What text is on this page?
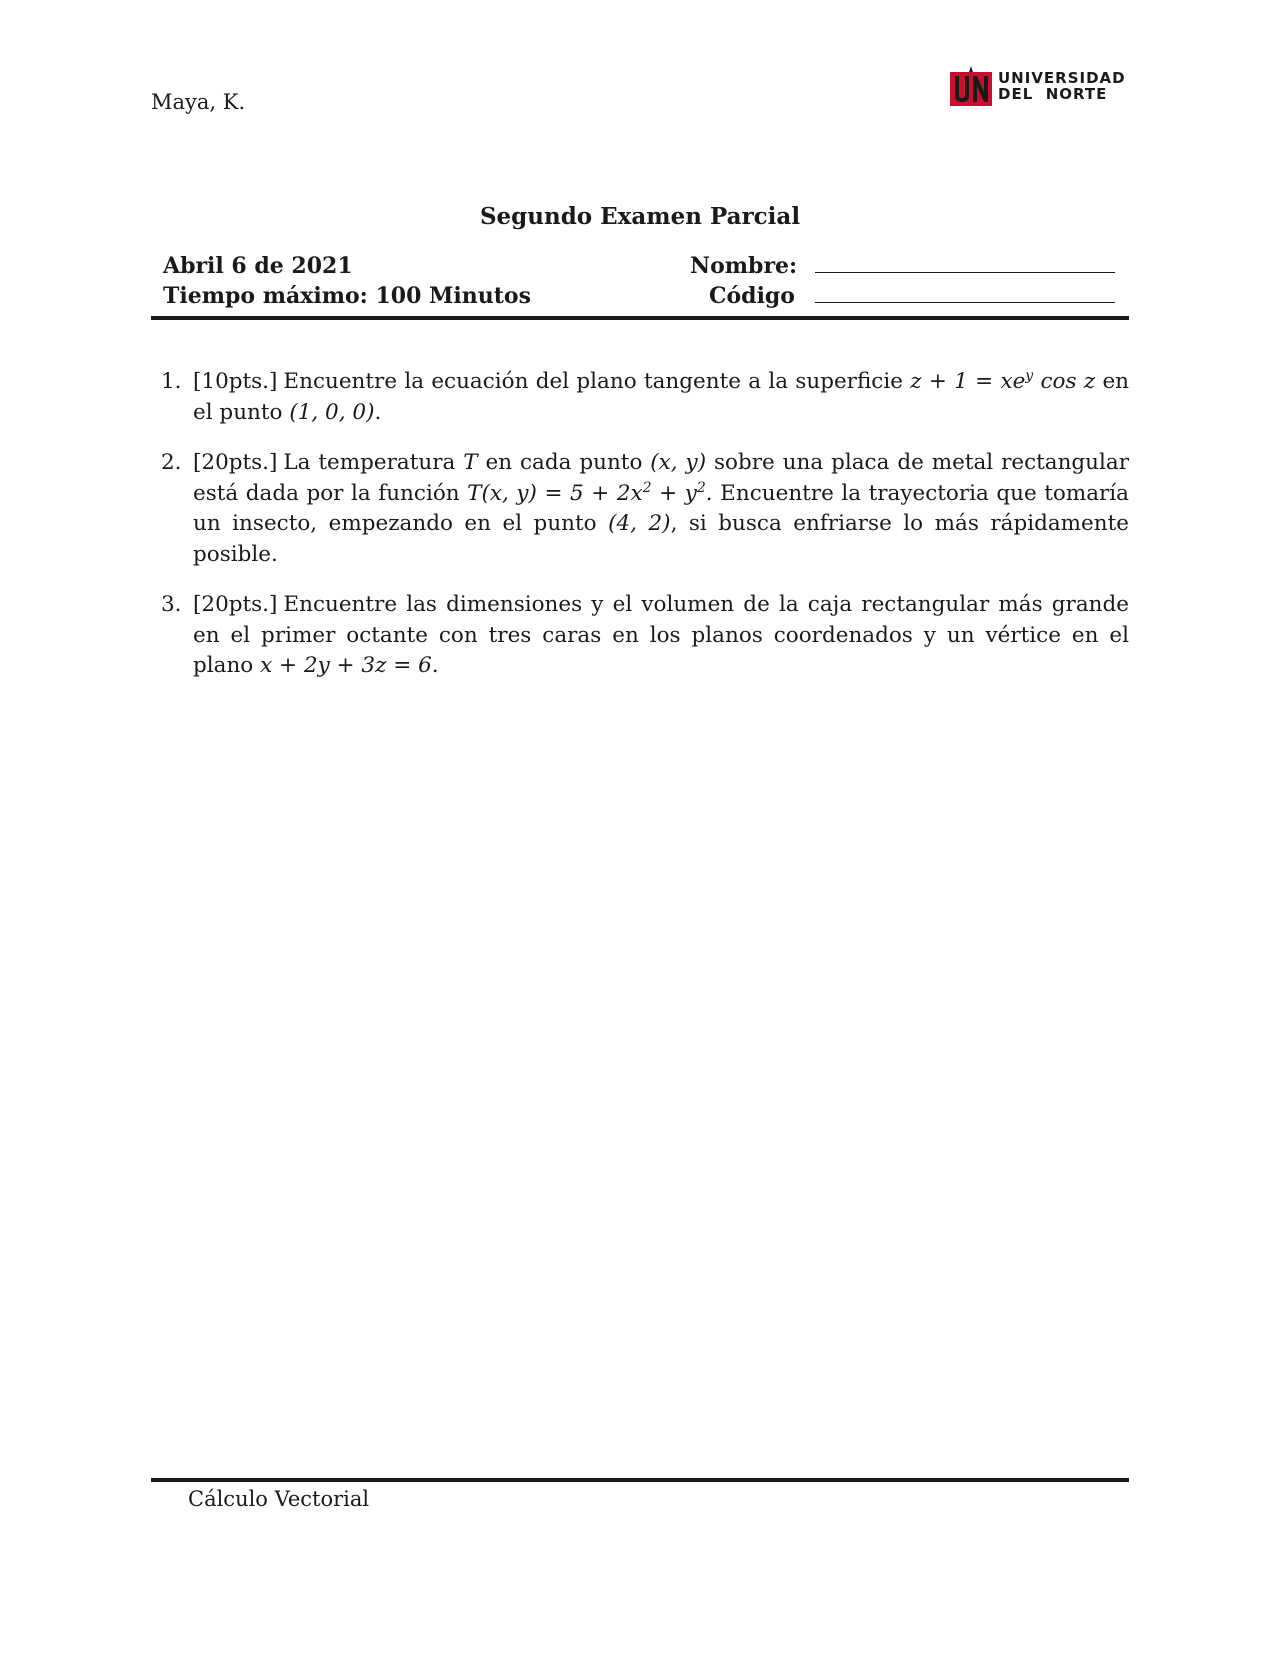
Maya, K.
UNIVERSIDAD
DEL  NORTE
Segundo Examen Parcial
Abril 6 de 2021
Tiempo máximo: 100 Minutos
Nombre:
Código
1. [10pts.] Encuentre la ecuación del plano tangente a la superficie $z + 1 = xe^y$ cos z en el punto (1, 0, 0).
2. [20pts.] La temperatura T en cada punto (x, y) sobre una placa de metal rectangular está dada por la función T(x, $y) = 5 + 2x^2 + y^2$. Encuentre la trayectoria que tomaría un insecto, empezando en el punto (4, 2), si busca enfriarse lo más rápidamente posible.
3. [20pts.] Encuentre las dimensiones y el volumen de la caja rectangular más grande en el primer octante con tres caras en los planos coordenados y un vértice en el plano x + 2y + 3z = 6.
Cálculo Vectorial
